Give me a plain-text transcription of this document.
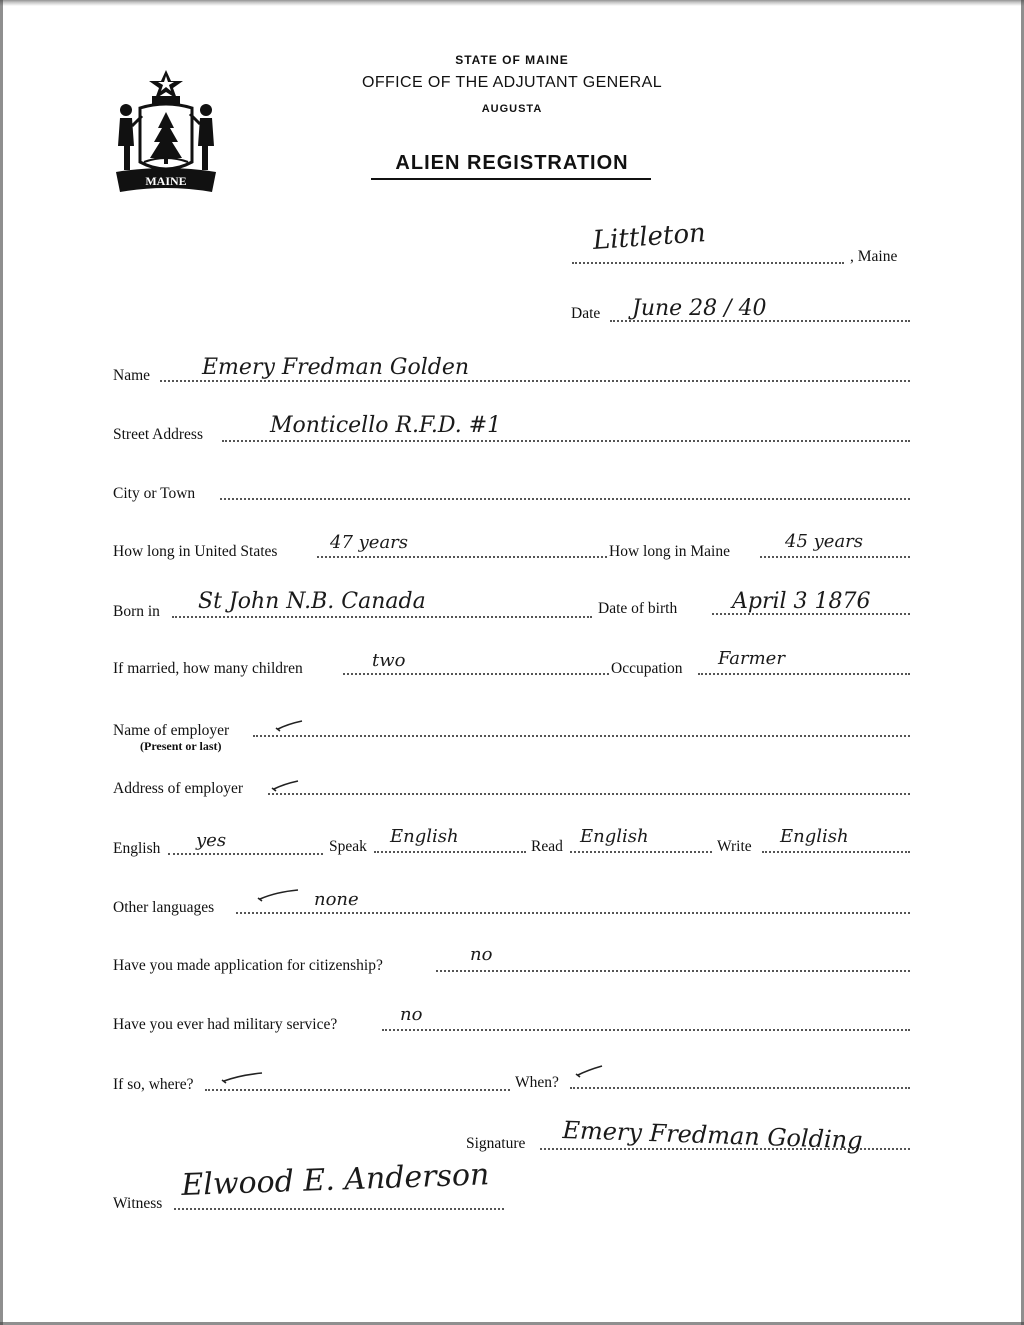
MAINE
STATE OF MAINE
OFFICE OF THE ADJUTANT GENERAL
AUGUSTA
ALIEN REGISTRATION
Littleton
, Maine
Date June 28 / 40
Name Emery Fredman Golden
Street Address	Monticello R.F.D. #1
City or Town
How long in United States	47 years	How long in Maine	45 years
Born in St John N.B. Canada	Date of birth April 3 1876
If married, how many children	two	Occupation Farmer
Name of employer
(Present or last)
Address of employer
English yes	Speak English	Read English	Write English
Other languages	none
Have you made application for citizenship?
no
Have you ever had military service?	no
If so, where?	When?
Signature Emery Fredman Golding
Witness
Elwood E. Anderson
